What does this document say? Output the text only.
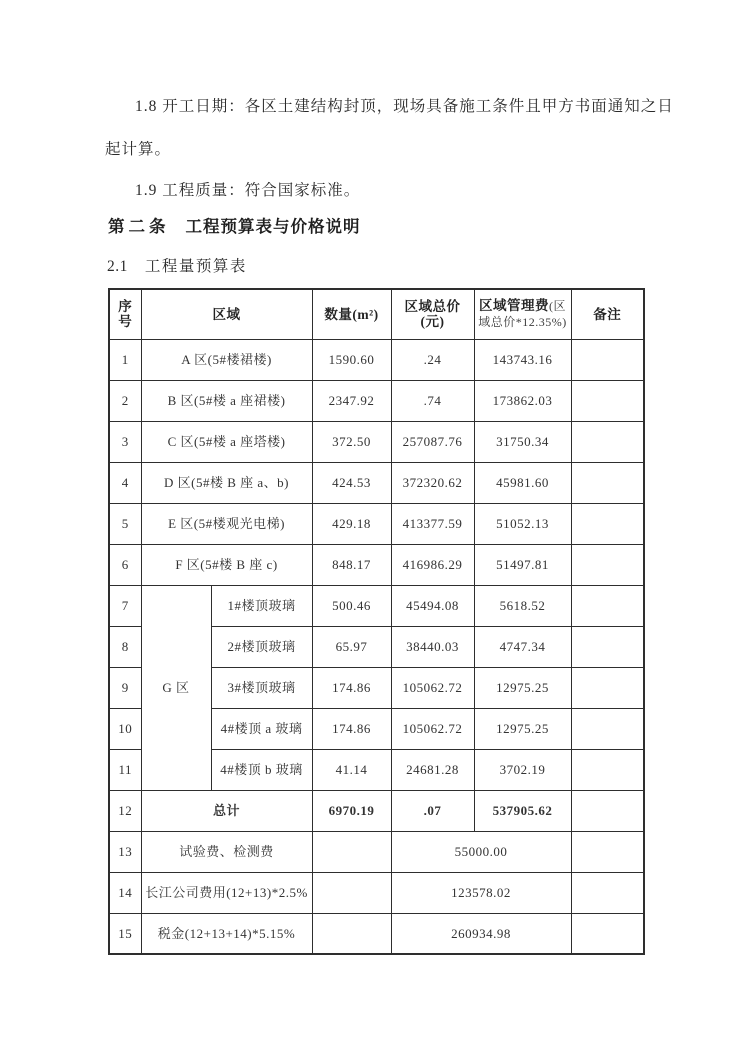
1.8 开工日期：各区土建结构封顶，现场具备施工条件且甲方书面通知之日
起计算。
1.9 工程质量：符合国家标准。
第二条 工程预算表与价格说明
2.1 工程量预算表
序号	区域		数量(m²)	区域总价(元)	区域管理费(区域总价*12.35%)	备注
1	A 区(5#楼裙楼)		1590.60	.24	143743.16	
2	B 区(5#楼 a 座裙楼)		2347.92	.74	173862.03	
3	C 区(5#楼 a 座塔楼)		372.50	257087.76	31750.34	
4	D 区(5#楼 B 座 a、b)		424.53	372320.62	45981.60	
5	E 区(5#楼观光电梯)		429.18	413377.59	51052.13	
6	F 区(5#楼 B 座 c)		848.17	416986.29	51497.81	
7	G 区	1#楼顶玻璃	500.46	45494.08	5618.52	
8		2#楼顶玻璃	65.97	38440.03	4747.34	
9		3#楼顶玻璃	174.86	105062.72	12975.25	
10		4#楼顶 a 玻璃	174.86	105062.72	12975.25	
11		4#楼顶 b 玻璃	41.14	24681.28	3702.19	
12	总计		6970.19	.07	537905.62	
13	试验费、检测费			55000.00		
14	长江公司费用(12+13)*2.5%			123578.02		
15	税金(12+13+14)*5.15%			260934.98		
